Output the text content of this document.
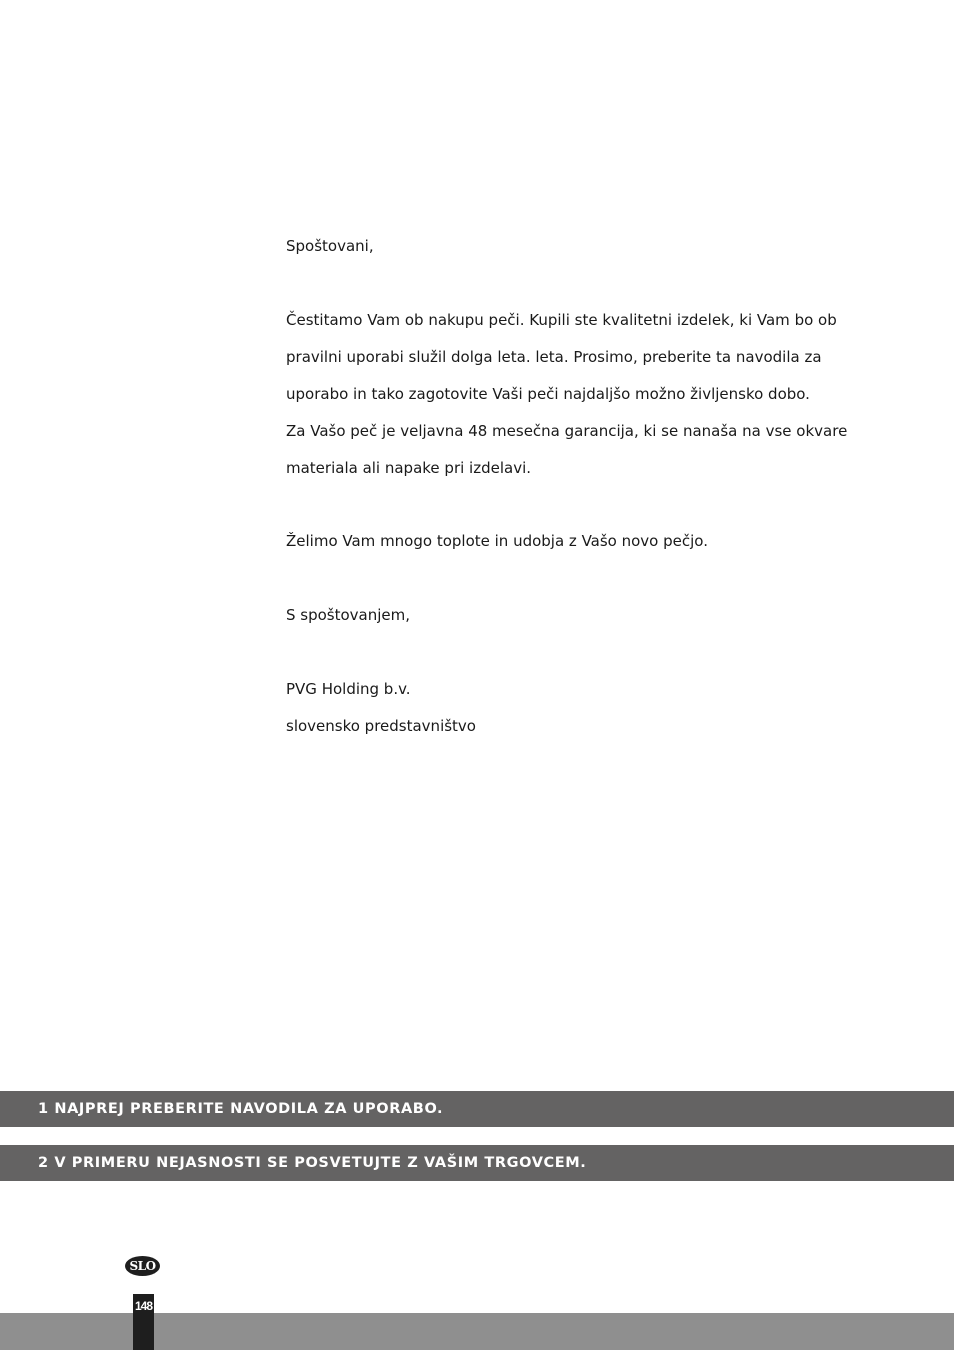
Spoštovani,
Čestitamo Vam ob nakupu peči. Kupili ste kvalitetni izdelek, ki Vam bo ob
pravilni uporabi služil dolga leta. leta. Prosimo, preberite ta navodila za
uporabo in tako zagotovite Vaši peči najdaljšo možno življensko dobo.
Za Vašo peč je veljavna 48 mesečna garancija, ki se nanaša na vse okvare
materiala ali napake pri izdelavi.
Želimo Vam mnogo toplote in udobja z Vašo novo pečjo.
S spoštovanjem,
PVG Holding b.v.
slovensko predstavništvo
1 NAJPREJ PREBERITE NAVODILA ZA UPORABO.
2 V PRIMERU NEJASNOSTI SE POSVETUJTE Z VAŠIM TRGOVCEM.
SLO
148
